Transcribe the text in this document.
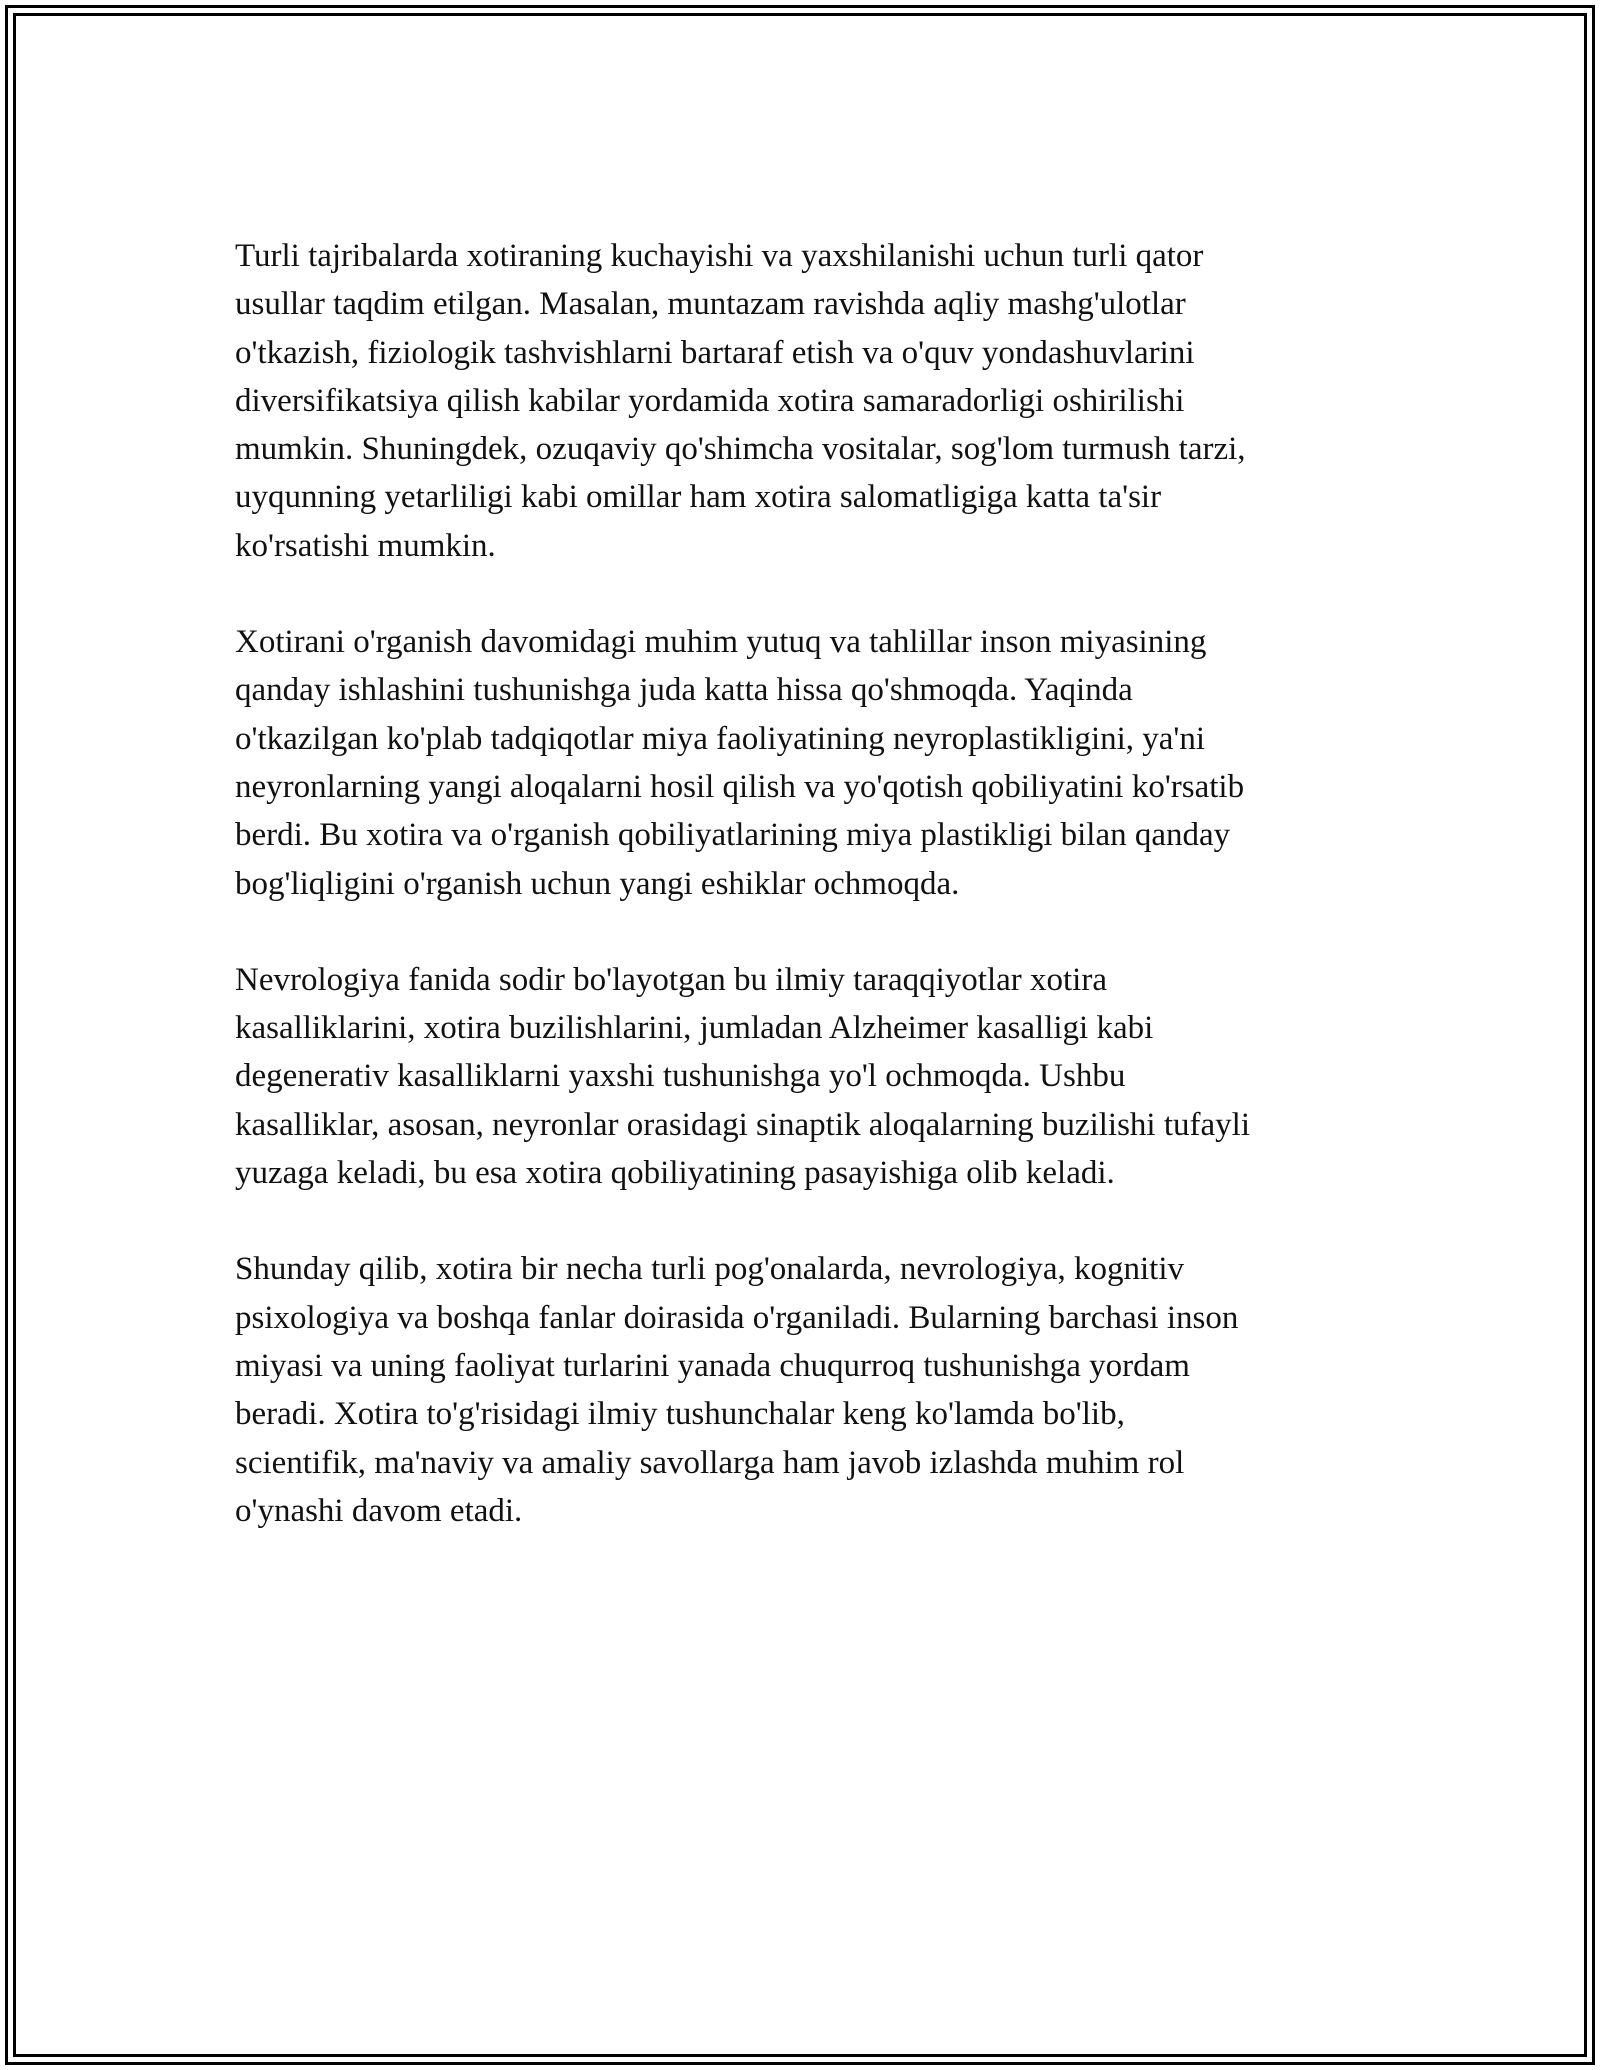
Turli tajribalarda xotiraning kuchayishi va yaxshilanishi uchun turli qator
usullar taqdim etilgan. Masalan, muntazam ravishda aqliy mashg'ulotlar
o'tkazish, fiziologik tashvishlarni bartaraf etish va o'quv yondashuvlarini
diversifikatsiya qilish kabilar yordamida xotira samaradorligi oshirilishi
mumkin. Shuningdek, ozuqaviy qo'shimcha vositalar, sog'lom turmush tarzi,
uyqunning yetarliligi kabi omillar ham xotira salomatligiga katta ta'sir
ko'rsatishi mumkin.

Xotirani o'rganish davomidagi muhim yutuq va tahlillar inson miyasining
qanday ishlashini tushunishga juda katta hissa qo'shmoqda. Yaqinda
o'tkazilgan ko'plab tadqiqotlar miya faoliyatining neyroplastikligini, ya'ni
neyronlarning yangi aloqalarni hosil qilish va yo'qotish qobiliyatini ko'rsatib
berdi. Bu xotira va o'rganish qobiliyatlarining miya plastikligi bilan qanday
bog'liqligini o'rganish uchun yangi eshiklar ochmoqda.

Nevrologiya fanida sodir bo'layotgan bu ilmiy taraqqiyotlar xotira
kasalliklarini, xotira buzilishlarini, jumladan Alzheimer kasalligi kabi
degenerativ kasalliklarni yaxshi tushunishga yo'l ochmoqda. Ushbu
kasalliklar, asosan, neyronlar orasidagi sinaptik aloqalarning buzilishi tufayli
yuzaga keladi, bu esa xotira qobiliyatining pasayishiga olib keladi.

Shunday qilib, xotira bir necha turli pog'onalarda, nevrologiya, kognitiv
psixologiya va boshqa fanlar doirasida o'rganiladi. Bularning barchasi inson
miyasi va uning faoliyat turlarini yanada chuqurroq tushunishga yordam
beradi. Xotira to'g'risidagi ilmiy tushunchalar keng ko'lamda bo'lib,
scientifik, ma'naviy va amaliy savollarga ham javob izlashda muhim rol
o'ynashi davom etadi.
